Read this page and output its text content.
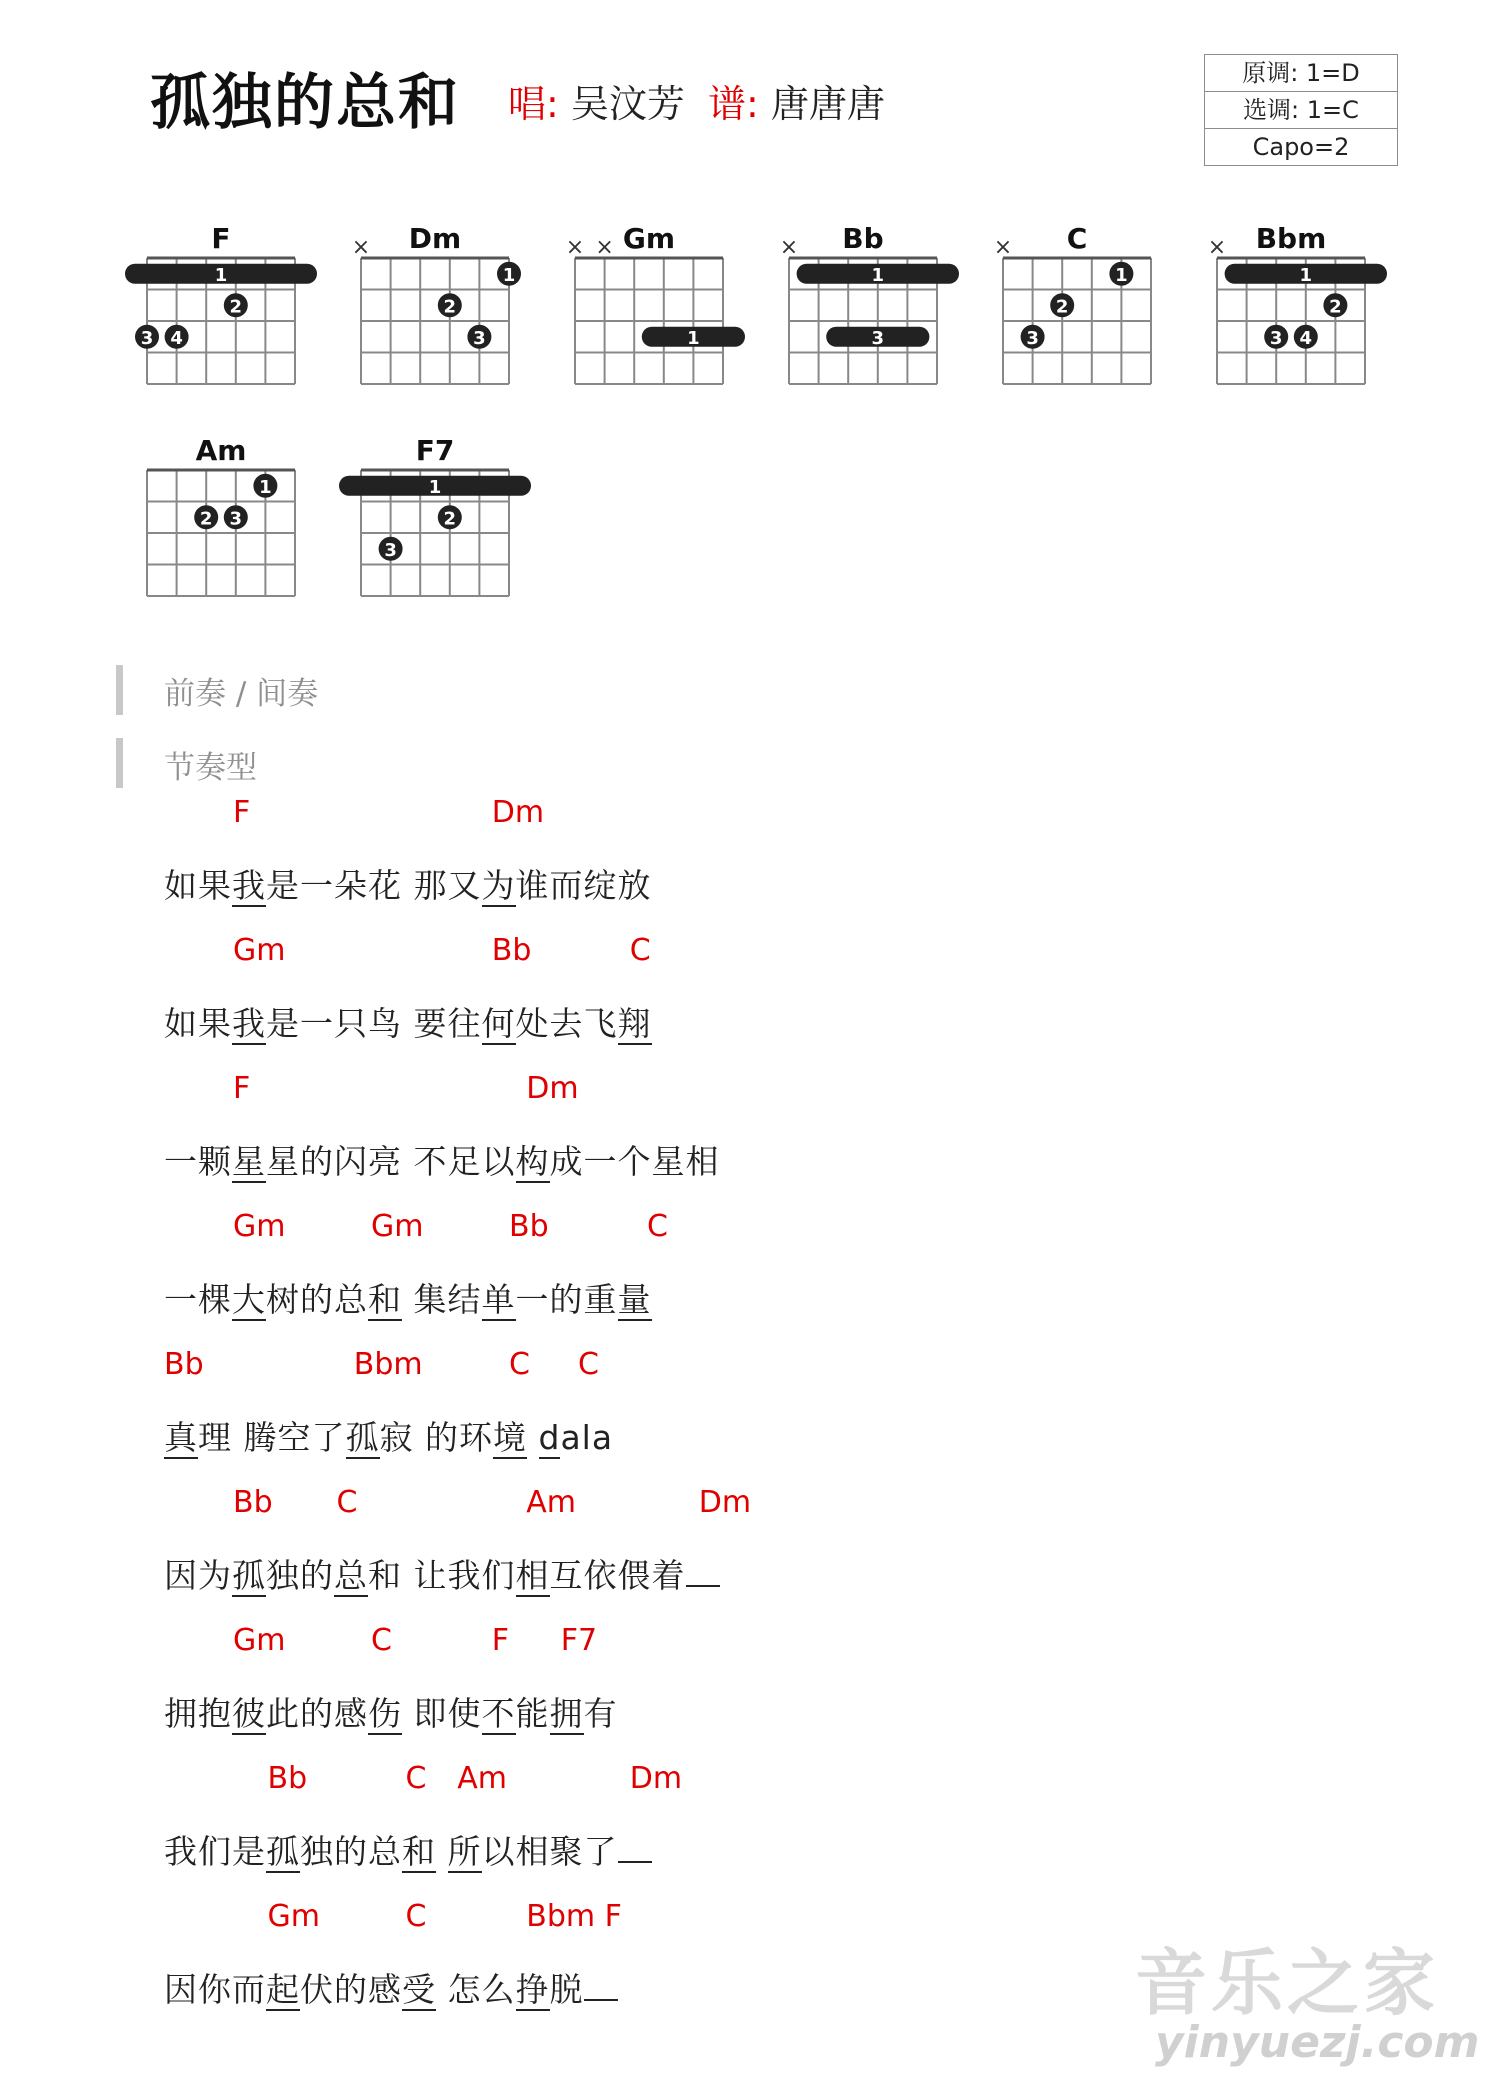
孤独的总和 唱: 吴汶芳 谱: 唐唐唐
原调: 1=D
选调: 1=C
Capo=2
F
1
2
3 4
Dm
×
1
2
3
Gm
× ×
1
Bb
×
1
3
C
×
1
2
3
Bbm
×
1
2
3 4
Am
1
2 3
F7
1
2
3
前奏 / 间奏
节奏型
F	Dm
如果我是一朵花 那又为谁而绽放
Gm	Bb	C
如果我是一只鸟 要往何处去飞翔
F	Dm
一颗星星的闪亮 不足以构成一个星相
Gm	Gm	Bb	C
一棵大树的总和 集结单一的重量
Bb	Bbm	C C
真理 腾空了孤寂 的环境 dala
Bb C	Am	Dm
因为孤独的总和 让我们相互依偎着
Gm	C	F F7
拥抱彼此的感伤 即使不能拥有
Bb	C Am	Dm
我们是孤独的总和 所以相聚了
Gm	C	Bbm F
因你而起伏的感受 怎么挣脱	音乐之家
yinyuezj.com
